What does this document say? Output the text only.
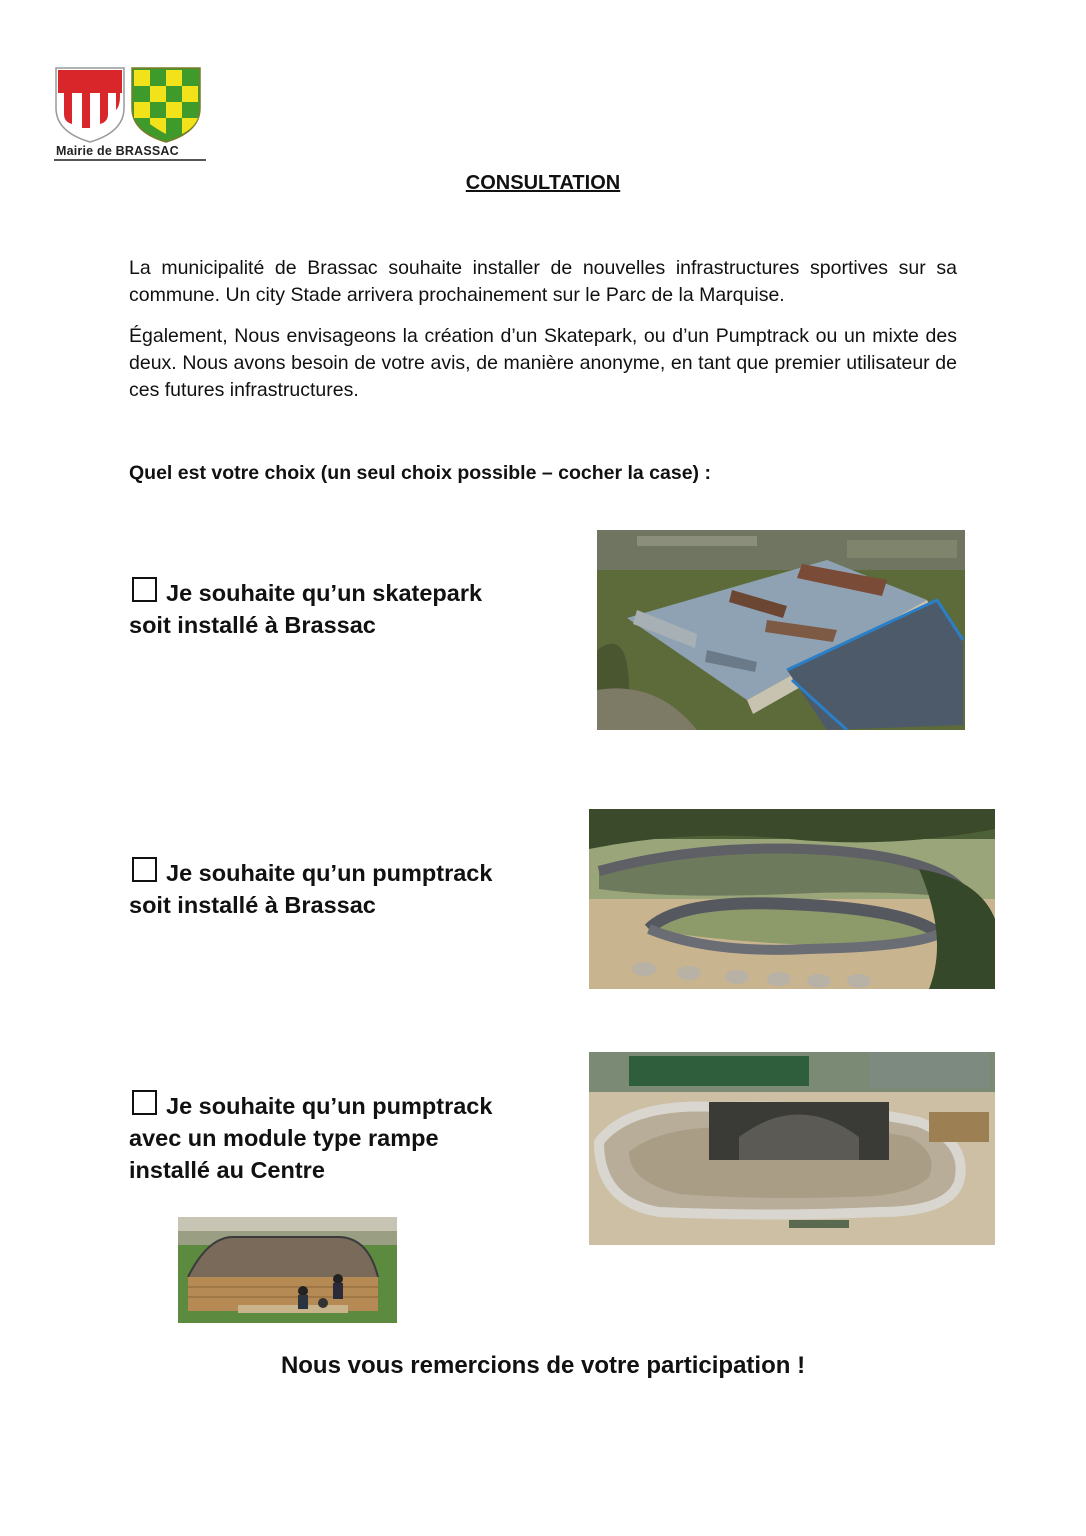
Mairie de BRASSAC
CONSULTATION

La municipalité de Brassac souhaite installer de nouvelles infrastructures sportives sur sa commune. Un city Stade arrivera prochainement sur le Parc de la Marquise.

Également, Nous envisageons la création d’un Skatepark, ou d’un Pumptrack ou un mixte des deux. Nous avons besoin de votre avis, de manière anonyme, en tant que premier utilisateur de ces futures infrastructures.

Quel est votre choix (un seul choix possible – cocher la case) :
Je souhaite qu’un skatepark
soit installé à Brassac
Je souhaite qu’un pumptrack
soit installé à Brassac
Je souhaite qu’un pumptrack
avec un module type rampe
installé au Centre
Nous vous remercions de votre participation !
